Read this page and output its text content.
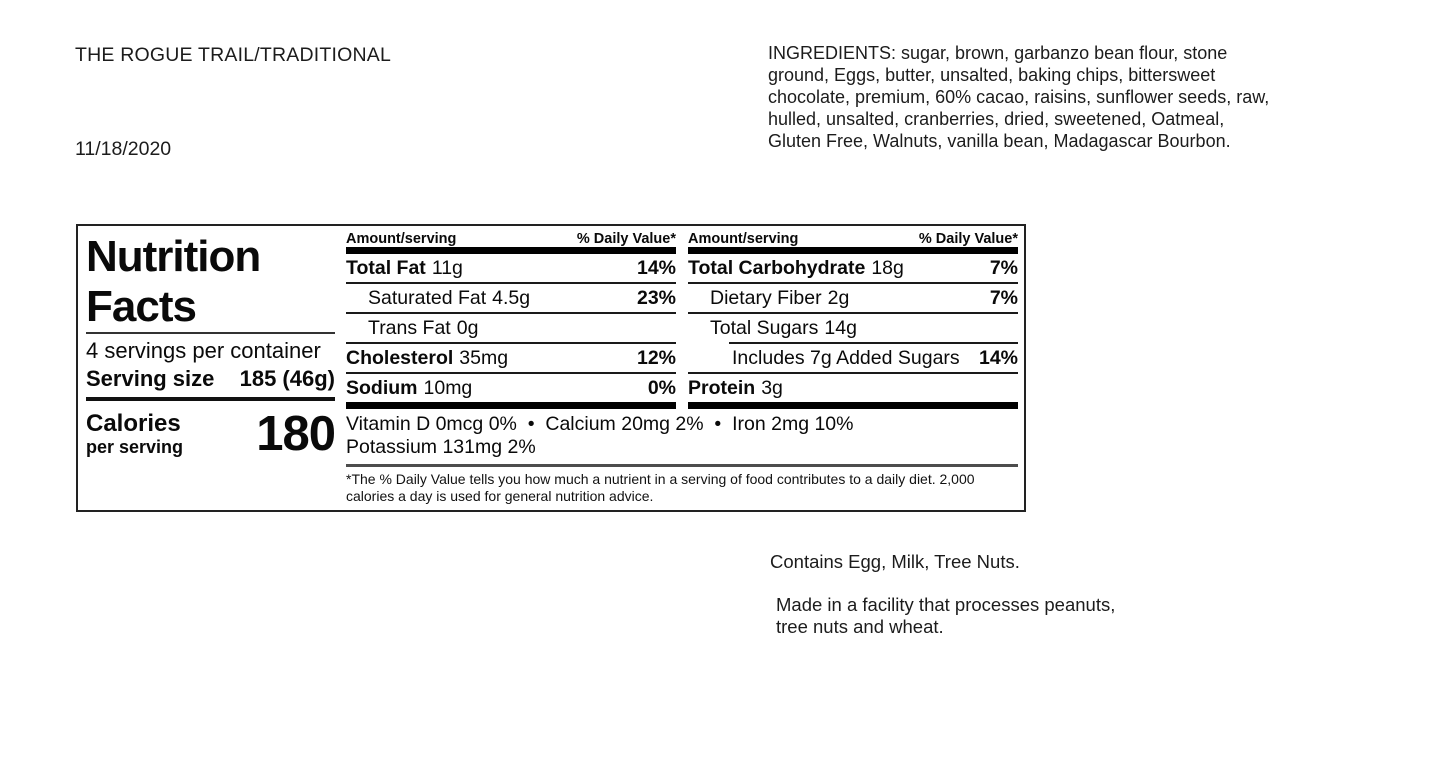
THE ROGUE TRAIL/TRADITIONAL
11/18/2020
INGREDIENTS: sugar, brown, garbanzo bean flour, stone
ground, Eggs, butter, unsalted, baking chips, bittersweet
chocolate, premium, 60% cacao, raisins, sunflower seeds, raw,
hulled, unsalted, cranberries, dried, sweetened, Oatmeal,
Gluten Free, Walnuts, vanilla bean, Madagascar Bourbon.
Nutrition
Facts
4 servings per container
Serving size 185 (46g)
Calories
per serving 180
Amount/serving	% Daily Value*
Total Fat 11g	14%
Saturated Fat 4.5g	23%
Trans Fat 0g
Cholesterol 35mg	12%
Sodium 10mg	0%
Amount/serving	% Daily Value*
Total Carbohydrate 18g	7%
Dietary Fiber 2g	7%
Total Sugars 14g
Includes 7g Added Sugars 14%
Protein 3g
Vitamin D 0mcg 0%  •  Calcium 20mg 2%  •  Iron 2mg 10%
Potassium 131mg 2%
*The % Daily Value tells you how much a nutrient in a serving of food contributes to a daily diet. 2,000
calories a day is used for general nutrition advice.
Contains Egg, Milk, Tree Nuts.
Made in a facility that processes peanuts,
tree nuts and wheat.
